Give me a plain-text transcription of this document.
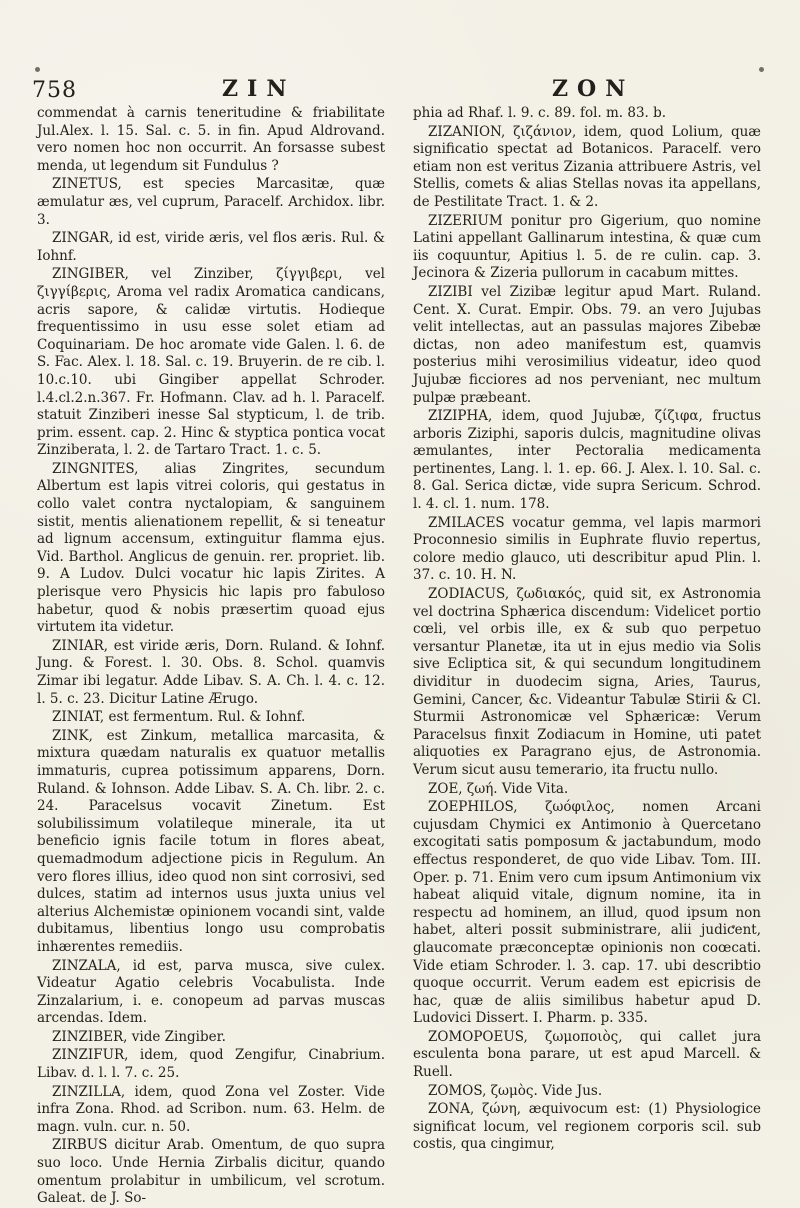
758	ZIN	ZON

commendat à carnis teneritudine & friabilitate Jul.Alex. l. 15. Sal. c. 5. in fin. Apud Aldrovand. vero nomen hoc non occurrit. An forsasse subest menda, ut legendum sit Fundulus ?

ZINETUS, est species Marcasitæ, quæ æmulatur æs, vel cuprum, Paracelf. Archidox. libr. 3.

ZINGAR, id est, viride æris, vel flos æris. Rul. & Iohnf.

ZINGIBER, vel Zinziber, ζίγγιβερι, vel ζιγγίβερις, Aroma vel radix Aromatica candicans, acris sapore, & calidæ virtutis. Hodieque frequentissimo in usu esse solet etiam ad Coquinariam. De hoc aromate vide Galen. l. 6. de S. Fac. Alex. l. 18. Sal. c. 19. Bruyerin. de re cib. l. 10.c.10. ubi Gingiber appellat Schroder. l.4.cl.2.n.367. Fr. Hofmann. Clav. ad h. l. Paracelf. statuit Zinziberi inesse Sal stypticum, l. de trib. prim. essent. cap. 2. Hinc & styptica pontica vocat Zinziberata, l. 2. de Tartaro Tract. 1. c. 5.

ZINGNITES, alias Zingrites, secundum Albertum est lapis vitrei coloris, qui gestatus in collo valet contra nyctalopiam, & sanguinem sistit, mentis alienationem repellit, & si teneatur ad lignum accensum, extinguitur flamma ejus. Vid. Barthol. Anglicus de genuin. rer. propriet. lib. 9. A Ludov. Dulci vocatur hic lapis Zirites. A plerisque vero Physicis hic lapis pro fabuloso habetur, quod & nobis præsertim quoad ejus virtutem ita videtur.

ZINIAR, est viride æris, Dorn. Ruland. & Iohnf. Jung. & Forest. l. 30. Obs. 8. Schol. quamvis Zimar ibi legatur. Adde Libav. S. A. Ch. l. 4. c. 12. l. 5. c. 23. Dicitur Latine Ærugo.

ZINIAT, est fermentum. Rul. & Iohnf.

ZINK, est Zinkum, metallica marcasita, & mixtura quædam naturalis ex quatuor metallis immaturis, cuprea potissimum apparens, Dorn. Ruland. & Iohnson. Adde Libav. S. A. Ch. libr. 2. c. 24. Paracelsus vocavit Zinetum. Est solubilissimum volatileque minerale, ita ut beneficio ignis facile totum in flores abeat, quemadmodum adjectione picis in Regulum. An vero flores illius, ideo quod non sint corrosivi, sed dulces, statim ad internos usus juxta unius vel alterius Alchemistæ opinionem vocandi sint, valde dubitamus, libentius longo usu comprobatis inhærentes remediis.

ZINZALA, id est, parva musca, sive culex. Videatur Agatio celebris Vocabulista. Inde Zinzalarium, i. e. conopeum ad parvas muscas arcendas. Idem.

ZINZIBER, vide Zingiber.

ZINZIFUR, idem, quod Zengifur, Cinabrium. Libav. d. l. l. 7. c. 25.

ZINZILLA, idem, quod Zona vel Zoster. Vide infra Zona. Rhod. ad Scribon. num. 63. Helm. de magn. vuln. cur. n. 50.

ZIRBUS dicitur Arab. Omentum, de quo supra suo loco. Unde Hernia Zirbalis dicitur, quando omentum prolabitur in umbilicum, vel scrotum. Galeat. de J. So-

phia ad Rhaf. l. 9. c. 89. fol. m. 83. b.

ZIZANION, ζιζάνιον, idem, quod Lolium, quæ significatio spectat ad Botanicos. Paracelf. vero etiam non est veritus Zizania attribuere Astris, vel Stellis, comets & alias Stellas novas ita appellans, de Pestilitate Tract. 1. & 2.

ZIZERIUM ponitur pro Gigerium, quo nomine Latini appellant Gallinarum intestina, & quæ cum iis coquuntur, Apitius l. 5. de re culin. cap. 3. Jecinora & Zizeria pullorum in cacabum mittes.

ZIZIBI vel Zizibæ legitur apud Mart. Ruland. Cent. X. Curat. Empir. Obs. 79. an vero Jujubas velit intellectas, aut an passulas majores Zibebæ dictas, non adeo manifestum est, quamvis posterius mihi verosimilius videatur, ideo quod Jujubæ ficciores ad nos perveniant, nec multum pulpæ præbeant.

ZIZIPHA, idem, quod Jujubæ, ζίζιφα, fructus arboris Ziziphi, saporis dulcis, magnitudine olivas æmulantes, inter Pectoralia medicamenta pertinentes, Lang. l. 1. ep. 66. J. Alex. l. 10. Sal. c. 8. Gal. Serica dictæ, vide supra Sericum. Schrod. l. 4. cl. 1. num. 178.

ZMILACES vocatur gemma, vel lapis marmori Proconnesio similis in Euphrate fluvio repertus, colore medio glauco, uti describitur apud Plin. l. 37. c. 10. H. N.

ZODIACUS, ζωδιακός, quid sit, ex Astronomia vel doctrina Sphærica discendum: Videlicet portio cœli, vel orbis ille, ex & sub quo perpetuo versantur Planetæ, ita ut in ejus medio via Solis sive Ecliptica sit, & qui secundum longitudinem dividitur in duodecim signa, Aries, Taurus, Gemini, Cancer, &c. Videantur Tabulæ Stirii & Cl. Sturmii Astronomicæ vel Sphæricæ: Verum Paracelsus finxit Zodiacum in Homine, uti patet aliquoties ex Paragrano ejus, de Astronomia. Verum sicut ausu temerario, ita fructu nullo.

ZOE, ζωή. Vide Vita.

ZOEPHILOS, ζωόφιλος, nomen Arcani cujusdam Chymici ex Antimonio à Quercetano excogitati satis pomposum & jactabundum, modo effectus responderet, de quo vide Libav. Tom. III. Oper. p. 71. Enim vero cum ipsum Antimonium vix habeat aliquid vitale, dignum nomine, ita in respectu ad hominem, an illud, quod ipsum non habet, alteri possit subministrare, alii judicent, glaucomate præconceptæ opinionis non coœcati. Vide etiam Schroder. l. 3. cap. 17. ubi describtio quoque occurrit. Verum eadem est epicrisis de hac, quæ de aliis similibus habetur apud D. Ludovici Dissert. I. Pharm. p. 335.

ZOMOPOEUS, ζωμοποιὸς, qui callet jura esculenta bona parare, ut est apud Marcell. & Ruell.

ZOMOS, ζωμὸς. Vide Jus.

ZONA, ζώνη, æquivocum est: (1) Physiologice significat locum, vel regionem corporis scil. sub costis, qua cingimur,
